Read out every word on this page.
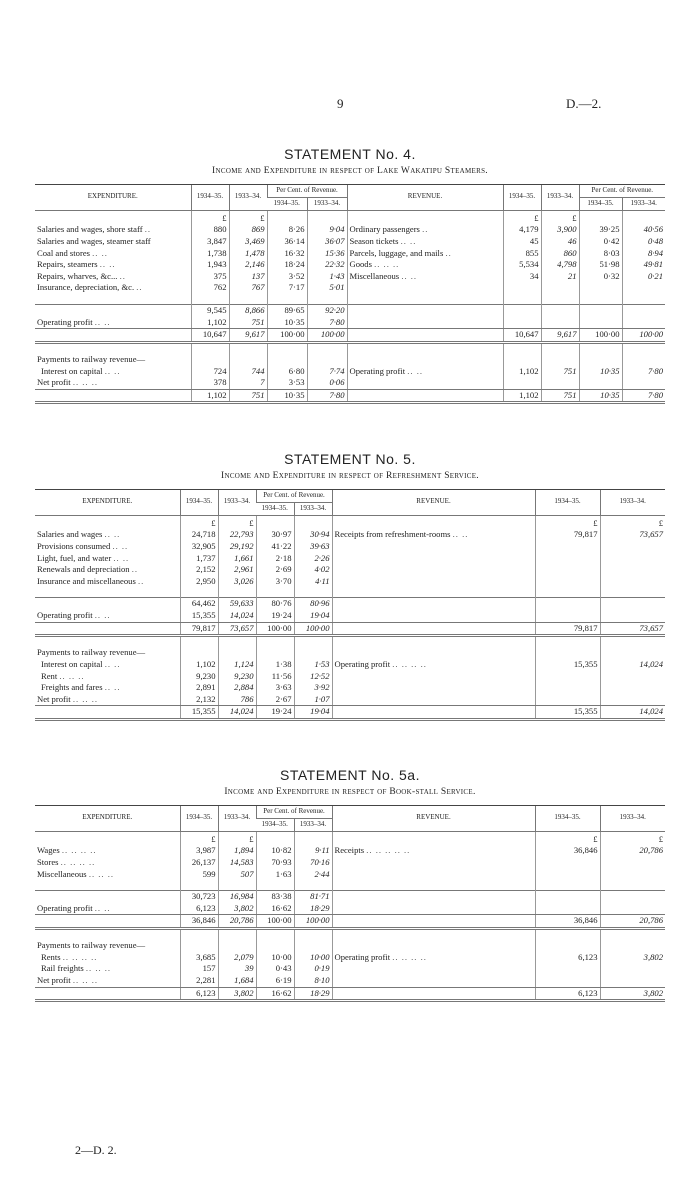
9	D.—2.
STATEMENT No. 4.
Income and Expenditure in respect of Lake Wakatipu Steamers.
EXPENDITURE.	1934–35.	1933–34.	Per Cent. of Revenue.		REVENUE.	1934–35.	1933–34.	Per Cent. of Revenue.	
			1934–35.	1933–34.				1934–35.	1933–34.
	£	£				£	£		
Salaries and wages, shore staff ..	880	869	8·26	9·04	Ordinary passengers ..	4,179	3,900	39·25	40·56
Salaries and wages, steamer staff	3,847	3,469	36·14	36·07	Season tickets .. ..	45	46	0·42	0·48
Coal and stores .. ..	1,738	1,478	16·32	15·36	Parcels, luggage, and mails ..	855	860	8·03	8·94
Repairs, steamers .. ..	1,943	2,146	18·24	22·32	Goods .. .. ..	5,534	4,798	51·98	49·81
Repairs, wharves, &c... ..	375	137	3·52	1·43	Miscellaneous .. ..	34	21	0·32	0·21
Insurance, depreciation, &c. ..	762	767	7·17	5·01					

	9,545	8,866	89·65	92·20					
Operating profit .. ..	1,102	751	10·35	7·80					
	10,647	9,617	100·00	100·00		10,647	9,617	100·00	100·00

Payments to railway revenue—									
Interest on capital .. ..	724	744	6·80	7·74	Operating profit .. ..	1,102	751	10·35	7·80
Net profit .. .. ..	378	7	3·53	0·06					
	1,102	751	10·35	7·80		1,102	751	10·35	7·80
STATEMENT No. 5.
Income and Expenditure in respect of Refreshment Service.
EXPENDITURE.	1934–35.	1933–34.	Per Cent. of Revenue.		REVENUE.	1934–35.	1933–34.
			1934–35.	1933–34.			
	£	£				£	£
Salaries and wages .. ..	24,718	22,793	30·97	30·94	Receipts from refreshment-rooms .. ..	79,817	73,657
Provisions consumed .. ..	32,905	29,192	41·22	39·63			
Light, fuel, and water .. ..	1,737	1,661	2·18	2·26			
Renewals and depreciation ..	2,152	2,961	2·69	4·02			
Insurance and miscellaneous ..	2,950	3,026	3·70	4·11			

	64,462	59,633	80·76	80·96			
Operating profit .. ..	15,355	14,024	19·24	19·04			
	79,817	73,657	100·00	100·00		79,817	73,657

Payments to railway revenue—							
Interest on capital .. ..	1,102	1,124	1·38	1·53	Operating profit .. .. .. ..	15,355	14,024
Rent .. .. ..	9,230	9,230	11·56	12·52			
Freights and fares .. ..	2,891	2,884	3·63	3·92			
Net profit .. .. ..	2,132	786	2·67	1·07			
	15,355	14,024	19·24	19·04		15,355	14,024
STATEMENT No. 5a.
Income and Expenditure in respect of Book-stall Service.
EXPENDITURE.	1934–35.	1933–34.	Per Cent. of Revenue.		REVENUE.	1934–35.	1933–34.
			1934–35.	1933–34.			
	£	£				£	£
Wages .. .. .. ..	3,987	1,894	10·82	9·11	Receipts .. .. .. .. ..	36,846	20,786
Stores .. .. .. ..	26,137	14,583	70·93	70·16			
Miscellaneous .. .. ..	599	507	1·63	2·44			

	30,723	16,984	83·38	81·71			
Operating profit .. ..	6,123	3,802	16·62	18·29			
	36,846	20,786	100·00	100·00		36,846	20,786

Payments to railway revenue—							
Rents .. .. .. ..	3,685	2,079	10·00	10·00	Operating profit .. .. .. ..	6,123	3,802
Rail freights .. .. ..	157	39	0·43	0·19			
Net profit .. .. ..	2,281	1,684	6·19	8·10			
	6,123	3,802	16·62	18·29		6,123	3,802
2—D. 2.
